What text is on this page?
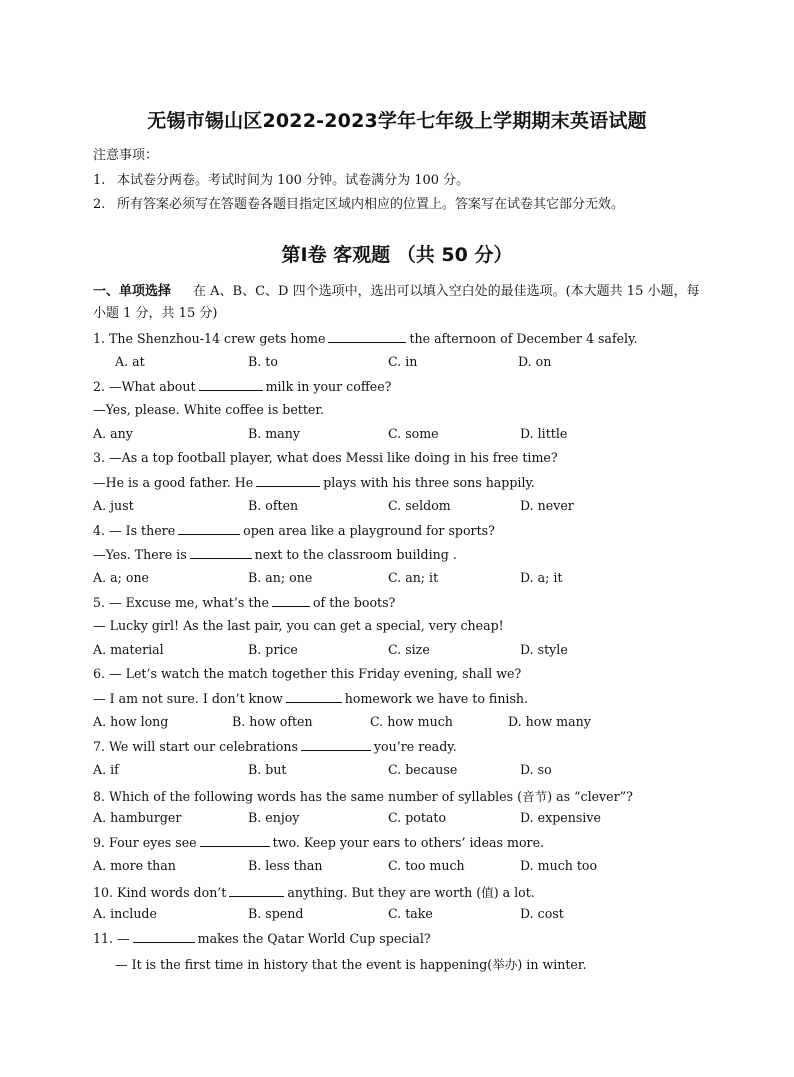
无锡市锡山区2022-2023学年七年级上学期期末英语试题
注意事项：
1. 本试卷分两卷。考试时间为 100 分钟。试卷满分为 100 分。
2. 所有答案必须写在答题卷各题目指定区域内相应的位置上。答案写在试卷其它部分无效。
第Ⅰ卷 客观题 （共 50 分）
一、单项选择 在 A、B、C、D 四个选项中，选出可以填入空白处的最佳选项。(本大题共 15 小题，每小题 1 分，共 15 分)
1. The Shenzhou-14 crew gets home	the afternoon of December 4 safely.
A. at	B. to	C. in	D. on
2. —What about	milk in your coffee?
—Yes, please. White coffee is better.
A. any	B. many	C. some	D. little
3. —As a top football player, what does Messi like doing in his free time?
—He is a good father. He	plays with his three sons happily.
A. just	B. often	C. seldom	D. never
4. — Is there	open area like a playground for sports?
—Yes. There is	next to the classroom building .
A. a; one	B. an; one	C. an; it	D. a; it
5. — Excuse me, what’s the	of the boots?
— Lucky girl! As the last pair, you can get a special, very cheap!
A. material	B. price	C. size	D. style
6. — Let’s watch the match together this Friday evening, shall we?
— I am not sure. I don’t know	homework we have to finish.
A. how long	B. how often	C. how much	D. how many
7. We will start our celebrations	you’re ready.
A. if	B. but	C. because	D. so
8. Which of the following words has the same number of syllables (音节) as “clever”?
A. hamburger	B. enjoy	C. potato	D. expensive
9. Four eyes see	two. Keep your ears to others’ ideas more.
A. more than	B. less than	C. too much	D. much too
10. Kind words don’t	anything. But they are worth (值) a lot.
A. include	B. spend	C. take	D. cost
11. —	makes the Qatar World Cup special?
— It is the first time in history that the event is happening(举办) in winter.
